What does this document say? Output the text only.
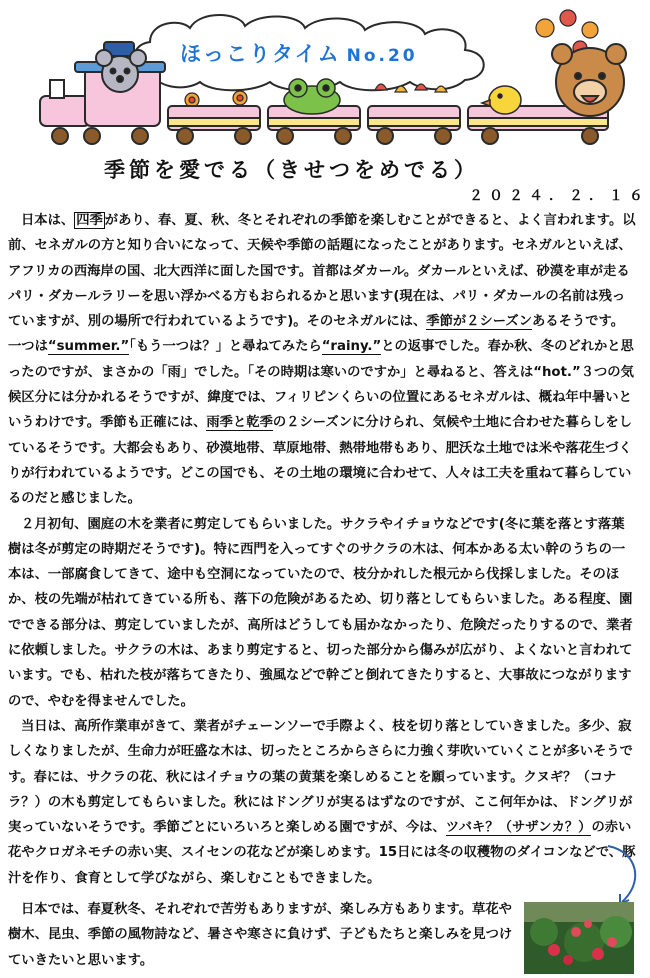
ほっこりタイム No.20
季節を愛でる（きせつをめでる）
２０２４．２．１６

日本は、 四季 があり、春、夏、秋、冬とそれぞれの季節を楽しむことができると、よく言われます。以前、セネガルの方と知り合いになって、天候や季節の話題になったことがあります。セネガルといえば、アフリカの西海岸の国、北大西洋に面した国です。首都はダカール。ダカールといえば、砂漠を車が走るパリ・ダカールラリーを思い浮かべる方もおられるかと思います(現在は、パリ・ダカールの名前は残っていますが、別の場所で行われているようです)。そのセネガルには、季節が２シーズンあるそうです。一つは“summer.”「もう一つは？」と尋ねてみたら“rainy.”との返事でした。春か秋、冬のどれかと思ったのですが、まさかの「雨」でした。「その時期は寒いのですか」と尋ねると、答えは“hot.”３つの気候区分には分かれるそうですが、緯度では、フィリピンくらいの位置にあるセネガルは、概ね年中暑いというわけです。季節も正確には、雨季と乾季の２シーズンに分けられ、気候や土地に合わせた暮らしをしているそうです。大都会もあり、砂漠地帯、草原地帯、熱帯地帯もあり、肥沃な土地では米や落花生づくりが行われているようです。どこの国でも、その土地の環境に合わせて、人々は工夫を重ねて暮らしているのだと感じました。

２月初旬、園庭の木を業者に剪定してもらいました。サクラやイチョウなどです(冬に葉を落とす落葉樹は冬が剪定の時期だそうです)。特に西門を入ってすぐのサクラの木は、何本かある太い幹のうちの一本は、一部腐食してきて、途中も空洞になっていたので、枝分かれした根元から伐採しました。そのほか、枝の先端が枯れてきている所も、落下の危険があるため、切り落としてもらいました。ある程度、園でできる部分は、剪定していましたが、高所はどうしても届かなかったり、危険だったりするので、業者に依頼しました。サクラの木は、あまり剪定すると、切った部分から傷みが広がり、よくないと言われています。でも、枯れた枝が落ちてきたり、強風などで幹ごと倒れてきたりすると、大事故につながりますので、やむを得ませんでした。

当日は、高所作業車がきて、業者がチェーンソーで手際よく、枝を切り落としていきました。多少、寂しくなりましたが、生命力が旺盛な木は、切ったところからさらに力強く芽吹いていくことが多いそうです。春には、サクラの花、秋にはイチョウの葉の黄葉を楽しめることを願っています。クヌギ？（コナラ？）の木も剪定してもらいました。秋にはドングリが実るはずなのですが、ここ何年かは、ドングリが実っていないそうです。季節ごとにいろいろと楽しめる園ですが、今は、ツバキ？（サザンカ？）の赤い花やクロガネモチの赤い実、スイセンの花などが楽しめます。15日には冬の収穫物のダイコンなどで、豚汁を作り、食育として学びながら、楽しむこともできました。

日本では、春夏秋冬、それぞれで苦労もありますが、楽しみ方もあります。草花や樹木、昆虫、季節の風物詩など、暑さや寒さに負けず、子どもたちと楽しみを見つけていきたいと思います。
